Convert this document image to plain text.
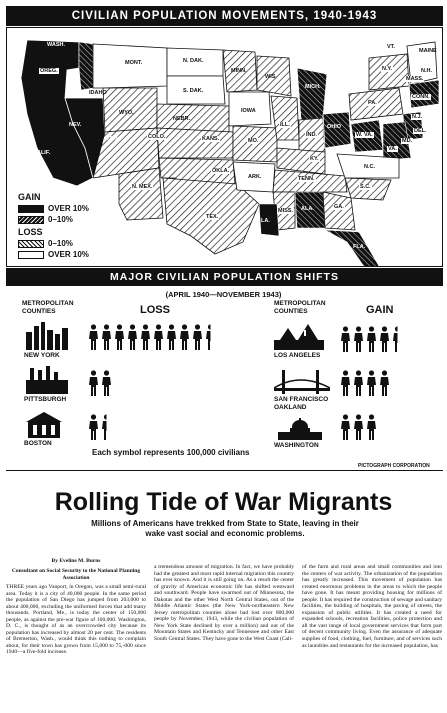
CIVILIAN POPULATION MOVEMENTS, 1940-1943
WASH.
OREG.
IDAHO
MONT.	N. DAK.
S. DAK.
WYO.
MINN.
WIS.
MICH.
NEBR.
IOWA
NEV.
UTAH
CALIF.
COLO.	KANS.	MO.
ILL.
IND.
OHIO
PA.
N.Y.
VT.
N.H.
MAINE
MASS.
R.I.
CONN.
N.J.
DEL.
MD.
W. VA.
VA.
KY.
TENN.
N.C.
S.C.
GA.
ALA.
MISS.
ARK.
LA.
OKLA.
TEX.
N. MEX.
ARIZ.
FLA.
GAIN
OVER 10%
0–10%
LOSS
0–10%
OVER 10%
MAJOR CIVILIAN POPULATION SHIFTS
(APRIL 1940—NOVEMBER 1943)
METROPOLITAN COUNTIES	LOSS
METROPOLITAN COUNTIES	GAIN
NEW YORK
PITTSBURGH
BOSTON
LOS ANGELES
SAN FRANCISCO OAKLAND
WASHINGTON
Each symbol represents 100,000 civilians
PICTOGRAPH CORPORATION
Rolling Tide of War Migrants
Millions of Americans have trekked from State to State, leaving in their wake vast social and economic problems.
By Eveline M. Burns
Consultant on Social Security to the National Planning Association
THREE years ago Vanport, in Oregon, was a small semi-rural area. Today it is a city of 40,000 people. In the same period the population of San Diego has jumped from 203,000 to about 400,000, excluding the uniformed forces that add many thousands. Portland, Me., is today the center of 150,000 people, as against the pre-war figure of 100,000. Washington, D. C., is thought of as an overcrowded city because its population has increased by almost 20 per cent. The residents of Bremerton, Wash., would think this nothing to complain about, for their town has grown from 15,000 to 75,-000 since 1940—a five-fold increase.
a tremendous amount of migration. In fact, we have probably had the greatest and most rapid internal migration this country has ever known. And it is still going on. As a result the center of gravity of American economic life has shifted westward and southward. People have swarmed out of Minnesota, the Dakotas and the other West North Central States, out of the Middle Atlantic States (the New York-northeastern New Jersey metropolitan counties alone had lost over 800,000 people by November, 1943, while the civilian population of New York State declined by over a million) and out of the Mountain States and Kentucky and Tennessee and other East South Central States. They have gone to the West Coast (Cali-
of the farm and rural areas and small communities and into the centers of war activity. The urbanization of the population has greatly increased. This movement of population has created enormous problems in the areas to which the people have gone. It has meant providing housing for millions of people. It has required the construction of sewage and sanitary facilities, the building of hospitals, the paving of streets, the expansion of public utilities. It has created a need for expanded schools, recreation facilities, police protection and all the vast range of local government services that form part of decent community living. Even the assurance of adequate supplies of food, clothing, fuel, furniture, and of services such as laundries and restaurants for the increased population, has
